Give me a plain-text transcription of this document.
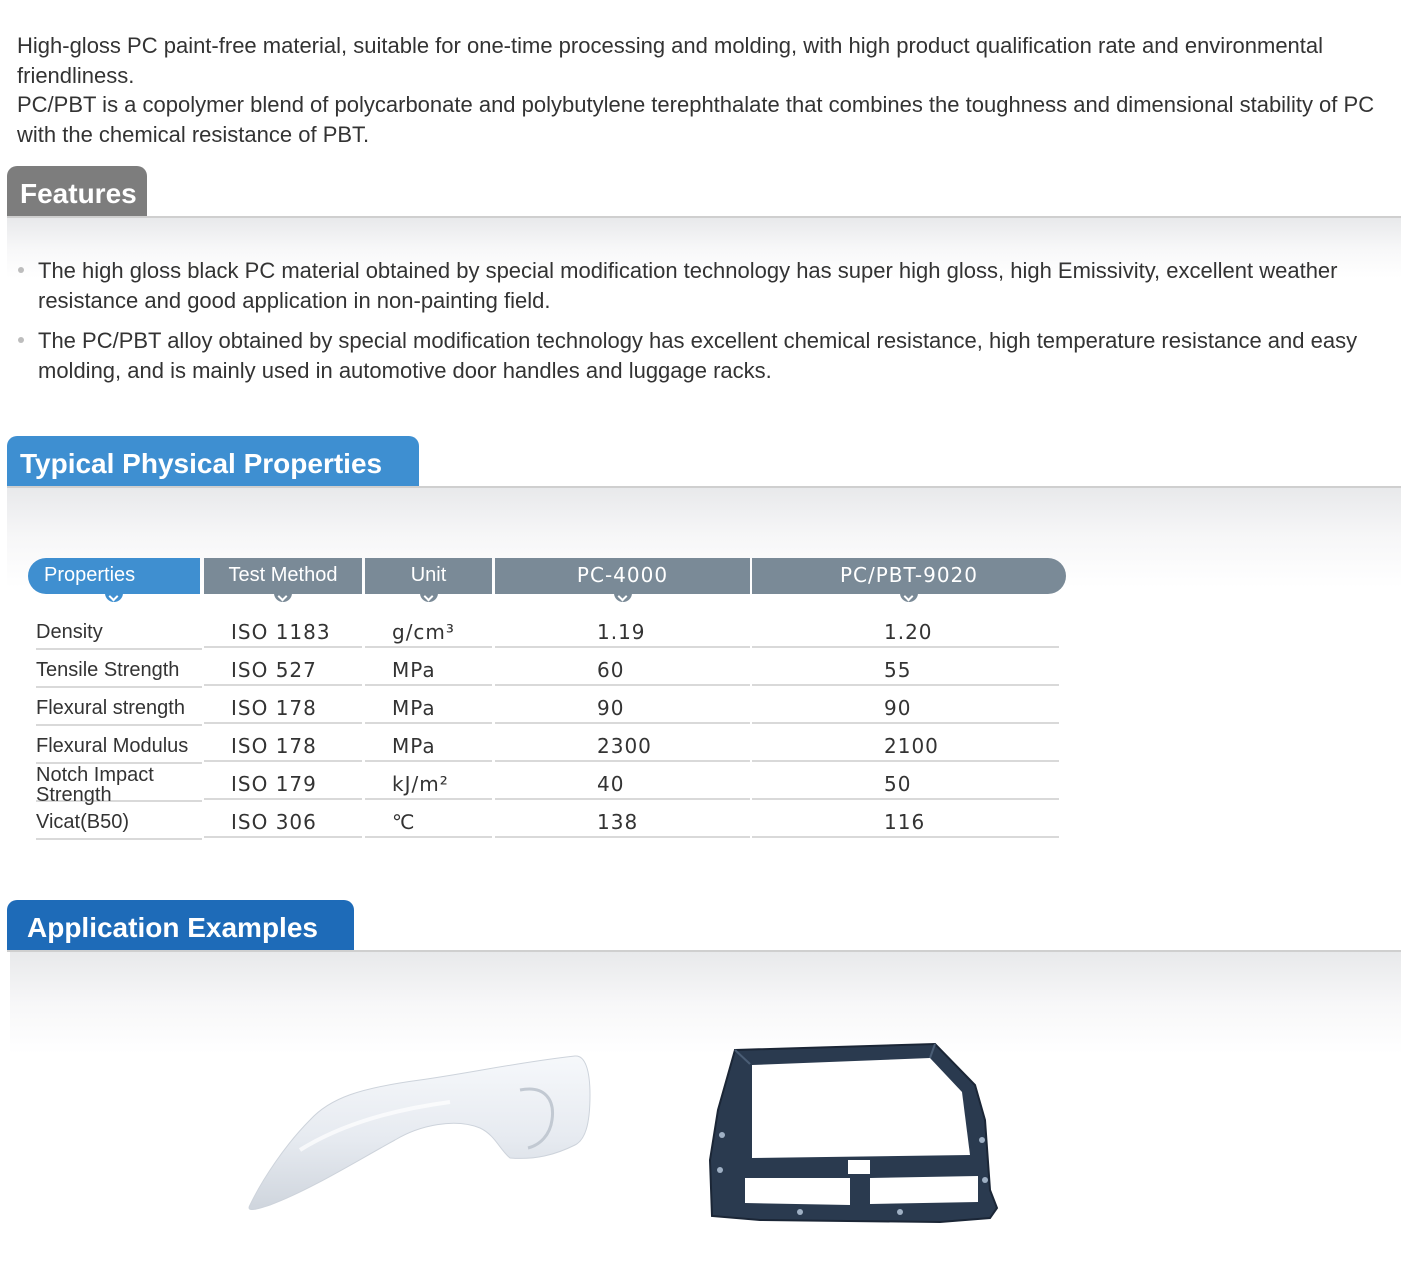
High-gloss PC paint-free material, suitable for one-time processing and molding, with high product qualification rate and environmental friendliness.

PC/PBT is a copolymer blend of polycarbonate and polybutylene terephthalate that combines the toughness and dimensional stability of PC with the chemical resistance of PBT.

Features
The high gloss black PC material obtained by special modification technology has super high gloss, high Emissivity, excellent weather resistance and good application in non-painting field.
The PC/PBT alloy obtained by special modification technology has excellent chemical resistance, high temperature resistance and easy molding, and is mainly used in automotive door handles and luggage racks.
Typical Physical Properties
Properties	Test Method	Unit	PC-4000	PC/PBT-9020
Density	ISO 1183	g/cm³	1.19	1.20
Tensile Strength	ISO 527	MPa	60	55
Flexural strength	ISO 178	MPa	90	90
Flexural Modulus	ISO 178	MPa	2300	2100
Notch Impact Strength	ISO 179	kJ/m²	40	50
Vicat(B50)	ISO 306	℃	138	116
Application Examples
